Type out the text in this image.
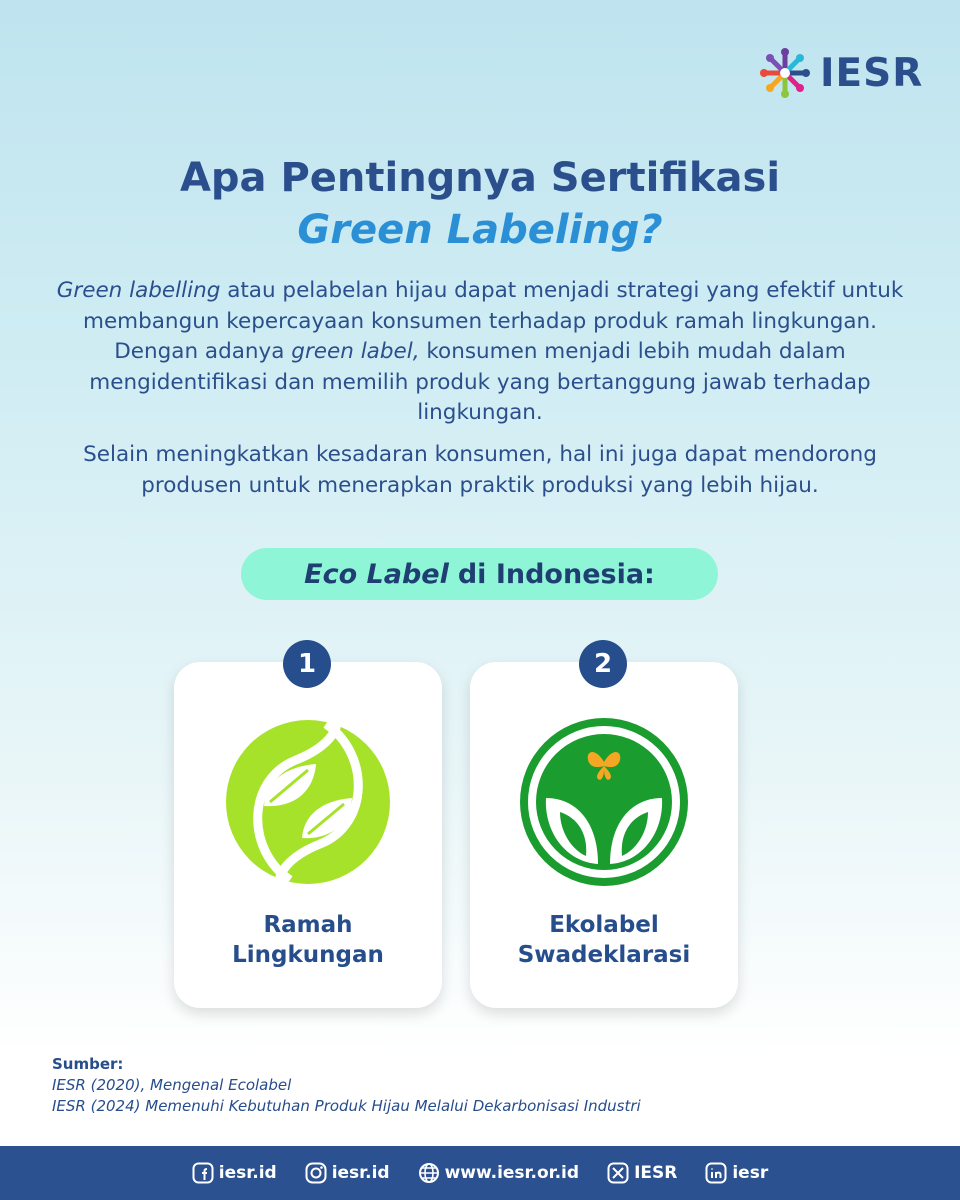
IESR
Apa Pentingnya Sertifikasi
Green Labeling?

Green labelling atau pelabelan hijau dapat menjadi strategi yang efektif untuk membangun kepercayaan konsumen terhadap produk ramah lingkungan. Dengan adanya green label, konsumen menjadi lebih mudah dalam mengidentifikasi dan memilih produk yang bertanggung jawab terhadap lingkungan.

Selain meningkatkan kesadaran konsumen, hal ini juga dapat mendorong produsen untuk menerapkan praktik produksi yang lebih hijau.

Eco Label di Indonesia:
Ramah
Lingkungan
1
Ekolabel
Swadeklarasi
2
Sumber:
IESR (2020), Mengenal Ecolabel
IESR (2024) Memenuhi Kebutuhan Produk Hijau Melalui Dekarbonisasi Industri
iesr.id	iesr.id	www.iesr.or.id	IESR	iesr
